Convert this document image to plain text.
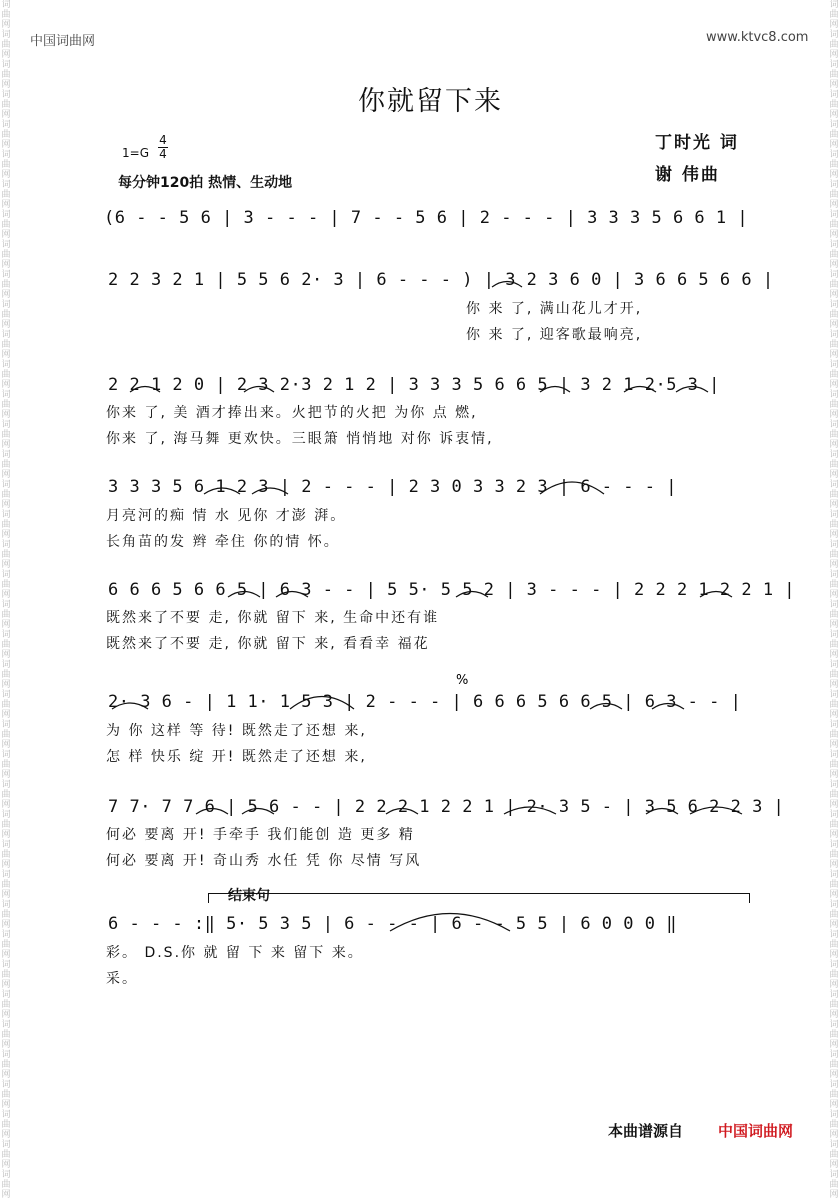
词曲网 词曲网 词曲网 词曲网 词曲网 词曲网 词曲网 词曲网 词曲网 词曲网 词曲网 词曲网 词曲网 词曲网 词曲网 词曲网 词曲网 词曲网 词曲网 词曲网 词曲网 词曲网 词曲网 词曲网 词曲网 词曲网 词曲网 词曲网 词曲网 词曲网 词曲网 词曲网 词曲网 词曲网 词曲网 词曲网 词曲网 词曲网 词曲网 词曲网
词曲网 词曲网 词曲网 词曲网 词曲网 词曲网 词曲网 词曲网 词曲网 词曲网 词曲网 词曲网 词曲网 词曲网 词曲网 词曲网 词曲网 词曲网 词曲网 词曲网 词曲网 词曲网 词曲网 词曲网 词曲网 词曲网 词曲网 词曲网 词曲网 词曲网 词曲网 词曲网 词曲网 词曲网 词曲网 词曲网 词曲网 词曲网 词曲网 词曲网
中国词曲网	www.ktvc8.com
你就留下来
丁时光 词
谢 伟曲
1=G
4
4
每分钟120拍 热情、生动地
(6 - - 5 6 | 3 - - - | 7 - - 5 6 | 2 - - - | 3 3 3 5 6 6 1 |
2 2 3 2 1 | 5 5 6 2· 3 | 6 - - - ) | 3 2 3 6 0 | 3 6 6 5 6 6 |
你 来 了, 满山花儿才开,
你 来 了, 迎客歌最响亮,
2 2 1 2 0 | 2 3 2·3 2 1 2 | 3 3 3 5 6 6 5 | 3 2 1 2·5 3 |
你来 了, 美 酒才捧出来。火把节的火把 为你 点 燃,
你来 了, 海马舞 更欢快。三眼箫 悄悄地 对你 诉衷情,
3 3 3 5 6 1 2 3 | 2 - - - | 2 3 0 3 3 2 3 | 6 - - - |
月亮河的痴 情 水 见你 才澎 湃。
长角苗的发 辫 牵住 你的情 怀。
6 6 6 5 6 6 5 | 6 3 - - | 5 5· 5 5 2 | 3 - - - | 2 2 2 1 2 2 1 |
既然来了不要 走, 你就 留下 来, 生命中还有谁
既然来了不要 走, 你就 留下 来, 看看幸 福花
2· 3 6 - | 1 1· 1 5 3 | 2 - - - | 6 6 6 5 6 6 5 | 6 3 - - |
为 你 这样 等 待! 既然走了还想 来,
怎 样 快乐 绽 开! 既然走了还想 来,
7 7· 7 7 6 | 5 6 - - | 2 2 2 1 2 2 1 | 2· 3 5 - | 3 5 6 2 2 3 |
何必 要离 开! 手牵手 我们能创 造 更多 精
何必 要离 开! 奇山秀 水任 凭 你 尽情 写风
结束句
6 - - - :‖ 5· 5 3 5 | 6 - - - | 6 - - 5 5 | 6 0 0 0 ‖
彩。 D.S.你 就 留 下 来 留下 来。
采。
%
本曲谱源自 中国词曲网
